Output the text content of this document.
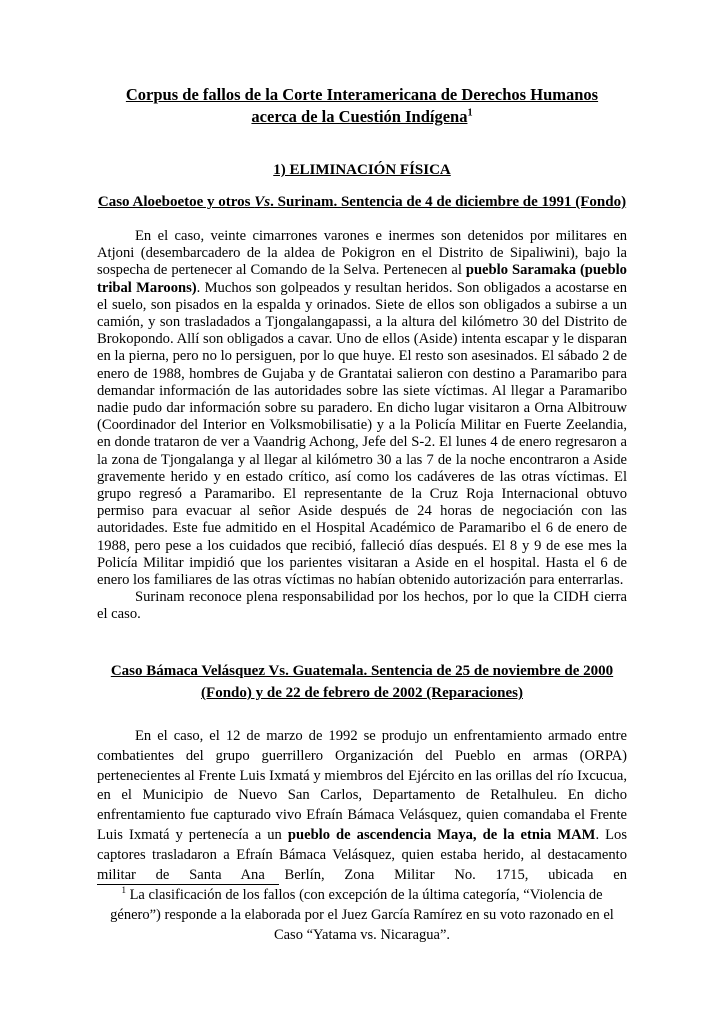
Corpus de fallos de la Corte Interamericana de Derechos Humanos
acerca de la Cuestión Indígena$^1$
1) ELIMINACIÓN FÍSICA
Caso Aloeboetoe y otros Vs. Surinam. Sentencia de 4 de diciembre de 1991 (Fondo)

En el caso, veinte cimarrones varones e inermes son detenidos por militares en Atjoni (desembarcadero de la aldea de Pokigron en el Distrito de Sipaliwini), bajo la sospecha de pertenecer al Comando de la Selva. Pertenecen al pueblo Saramaka (pueblo tribal Maroons). Muchos son golpeados y resultan heridos. Son obligados a acostarse en el suelo, son pisados en la espalda y orinados. Siete de ellos son obligados a subirse a un camión, y son trasladados a Tjongalangapassi, a la altura del kilómetro 30 del Distrito de Brokopondo. Allí son obligados a cavar. Uno de ellos (Aside) intenta escapar y le disparan en la pierna, pero no lo persiguen, por lo que huye. El resto son asesinados. El sábado 2 de enero de 1988, hombres de Gujaba y de Grantatai salieron con destino a Paramaribo para demandar información de las autoridades sobre las siete víctimas. Al llegar a Paramaribo nadie pudo dar información sobre su paradero. En dicho lugar visitaron a Orna Albitrouw (Coordinador del Interior en Volksmobilisatie) y a la Policía Militar en Fuerte Zeelandia, en donde trataron de ver a Vaandrig Achong, Jefe del S-2. El lunes 4 de enero regresaron a la zona de Tjongalanga y al llegar al kilómetro 30 a las 7 de la noche encontraron a Aside gravemente herido y en estado crítico, así como los cadáveres de las otras víctimas. El grupo regresó a Paramaribo. El representante de la Cruz Roja Internacional obtuvo permiso para evacuar al señor Aside después de 24 horas de negociación con las autoridades. Este fue admitido en el Hospital Académico de Paramaribo el 6 de enero de 1988, pero pese a los cuidados que recibió, falleció días después. El 8 y 9 de ese mes la Policía Militar impidió que los parientes visitaran a Aside en el hospital. Hasta el 6 de enero los familiares de las otras víctimas no habían obtenido autorización para enterrarlas.

Surinam reconoce plena responsabilidad por los hechos, por lo que la CIDH cierra el caso.

Caso Bámaca Velásquez Vs. Guatemala. Sentencia de 25 de noviembre de 2000
(Fondo) y de 22 de febrero de 2002 (Reparaciones)

En el caso, el 12 de marzo de 1992 se produjo un enfrentamiento armado entre combatientes del grupo guerrillero Organización del Pueblo en armas (ORPA) pertenecientes al Frente Luis Ixmatá y miembros del Ejército en las orillas del río Ixcucua, en el Municipio de Nuevo San Carlos, Departamento de Retalhuleu. En dicho enfrentamiento fue capturado vivo Efraín Bámaca Velásquez, quien comandaba el Frente Luis Ixmatá y pertenecía a un pueblo de ascendencia Maya, de la etnia MAM. Los captores trasladaron a Efraín Bámaca Velásquez, quien estaba herido, al destacamento militar de Santa Ana Berlín, Zona Militar No. 1715, ubicada en

$^1$ La clasificación de los fallos (con excepción de la última categoría, “Violencia de género”) responde a la elaborada por el Juez García Ramírez en su voto razonado en el Caso “Yatama vs. Nicaragua”.
